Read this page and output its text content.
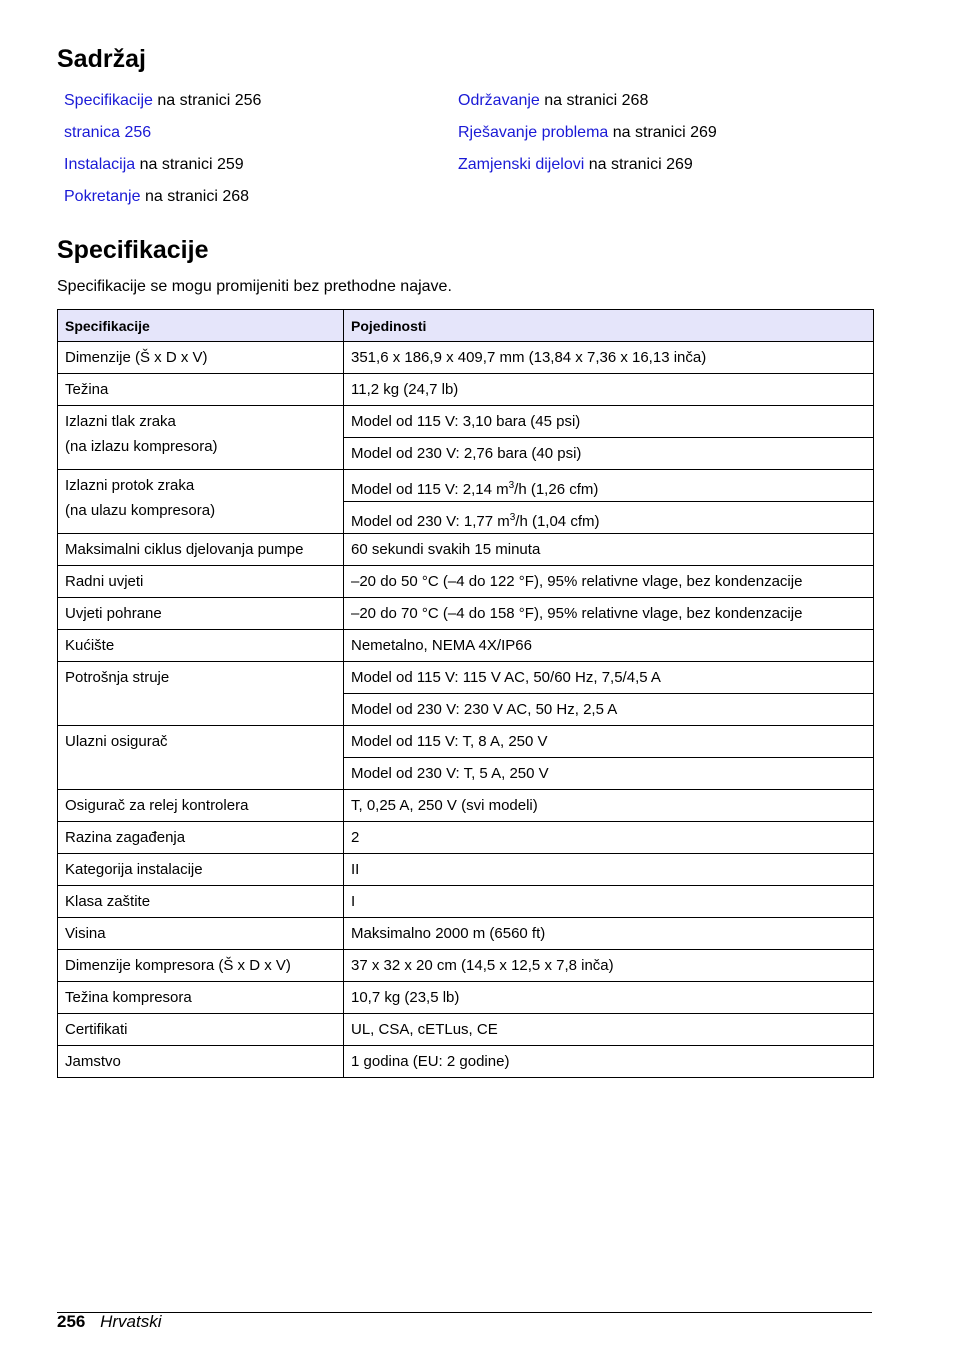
Sadržaj
Specifikacije na stranici 256
stranica 256
Instalacija na stranici 259
Pokretanje na stranici 268
Održavanje na stranici 268
Rješavanje problema na stranici 269
Zamjenski dijelovi na stranici 269
Specifikacije
Specifikacije se mogu promijeniti bez prethodne najave.
Specifikacije	Pojedinosti
Dimenzije (Š x D x V)	351,6 x 186,9 x 409,7 mm (13,84 x 7,36 x 16,13 inča)
Težina	11,2 kg (24,7 lb)
Izlazni tlak zraka
(na izlazu kompresora)	Model od 115 V: 3,10 bara (45 psi)
	Model od 230 V: 2,76 bara (40 psi)
Izlazni protok zraka
(na ulazu kompresora)	Model od 115 V: 2,14 $m^3/h$ (1,26 cfm)
	Model od 230 V: 1,77 $m^3/h$ (1,04 cfm)
Maksimalni ciklus djelovanja pumpe	60 sekundi svakih 15 minuta
Radni uvjeti	–20 do 50 °C (–4 do 122 °F), 95% relativne vlage, bez kondenzacije
Uvjeti pohrane	–20 do 70 °C (–4 do 158 °F), 95% relativne vlage, bez kondenzacije
Kućište	Nemetalno, NEMA 4X/IP66
Potrošnja struje	Model od 115 V: 115 V AC, 50/60 Hz, 7,5/4,5 A
	Model od 230 V: 230 V AC, 50 Hz, 2,5 A
Ulazni osigurač	Model od 115 V: T, 8 A, 250 V
	Model od 230 V: T, 5 A, 250 V
Osigurač za relej kontrolera	T, 0,25 A, 250 V (svi modeli)
Razina zagađenja	2
Kategorija instalacije	II
Klasa zaštite	I
Visina	Maksimalno 2000 m (6560 ft)
Dimenzije kompresora (Š x D x V)	37 x 32 x 20 cm (14,5 x 12,5 x 7,8 inča)
Težina kompresora	10,7 kg (23,5 lb)
Certifikati	UL, CSA, cETLus, CE
Jamstvo	1 godina (EU: 2 godine)
256 Hrvatski
